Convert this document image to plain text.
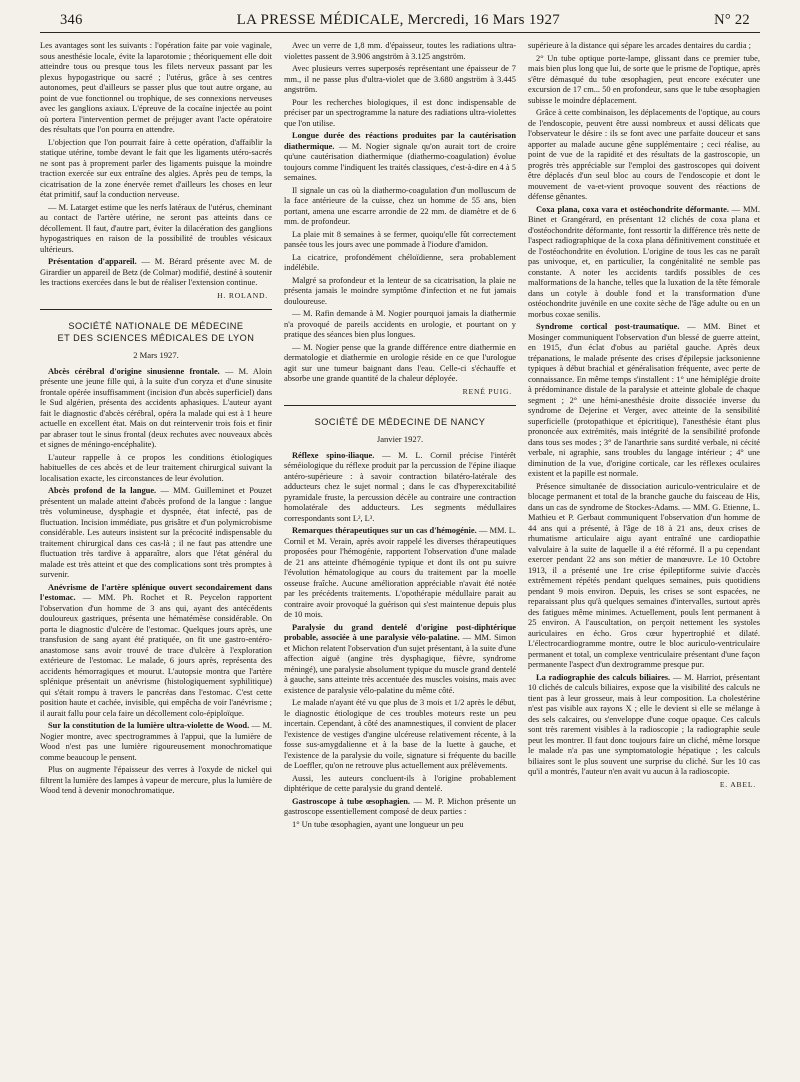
346	LA PRESSE MÉDICALE, Mercredi, 16 Mars 1927	N° 22

Les avantages sont les suivants : l'opération faite par voie vaginale, sous anesthésie locale, évite la laparotomie ; théoriquement elle doit atteindre tous ou presque tous les filets nerveux passant par les plexus hypogastrique ou sacré ; l'utérus, grâce à ses centres autonomes, peut d'ailleurs se passer plus que tout autre organe, au point de vue fonctionnel ou trophique, de ses connexions nerveuses avec les ganglions axiaux. L'épreuve de la cocaïne injectée au point où portera l'intervention permet de préjuger avant l'acte opératoire des résultats que l'on pourra en attendre.

L'objection que l'on pourrait faire à cette opération, d'affaiblir la statique utérine, tombe devant le fait que les ligaments utéro-sacrés ne sont pas à proprement parler des ligaments puisque la moindre traction exercée sur eux entraîne des algies. Après peu de temps, la cicatrisation de la zone énervée remet d'ailleurs les choses en leur état primitif, sauf la conduction nerveuse.

— M. Latarget estime que les nerfs latéraux de l'utérus, cheminant au contact de l'artère utérine, ne seront pas atteints dans ce décollement. Il faut, d'autre part, éviter la dilacération des ganglions hypogastriques en raison de la possibilité de troubles vésicaux ultérieurs.

Présentation d'appareil. — M. Bérard présente avec M. de Girardier un appareil de Betz (de Colmar) modifié, destiné à soutenir les tractions exercées dans le but de réaliser l'extension continue.

H. ROLAND.
SOCIÉTÉ NATIONALE DE MÉDECINE
ET DES SCIENCES MÉDICALES DE LYON
2 Mars 1927.

Abcès cérébral d'origine sinusienne frontale. — M. Aloin présente une jeune fille qui, à la suite d'un coryza et d'une sinusite frontale opérée insuffisamment (incision d'un abcès superficiel) dans le Sud algérien, présenta des accidents aphasiques. L'auteur ayant fait le diagnostic d'abcès cérébral, opéra la malade qui est à 1 heure actuelle en excellent état. Mais on dut reintervenir trois fois et finir par abraser tout le sinus frontal (deux rechutes avec nouveaux abcès et signes de méningo-encéphalite).

L'auteur rappelle à ce propos les conditions étiologiques habituelles de ces abcès et de leur traitement chirurgical suivant la localisation exacte, les circonstances de leur évolution.

Abcès profond de la langue. — MM. Guilleminet et Pouzet présentent un malade atteint d'abcès profond de la langue : langue très volumineuse, dysphagie et dyspnée, état infecté, pas de fluctuation. Incision immédiate, pus grisâtre et d'un polymicrobisme considérable. Les auteurs insistent sur la précocité indispensable du traitement chirurgical dans ces cas-là ; il ne faut pas attendre une fluctuation très tardive à apparaître, alors que l'état général du malade est très atteint et que des complications sont très promptes à survenir.

Anévrisme de l'artère splénique ouvert secondairement dans l'estomac. — MM. Ph. Rochet et R. Peycelon rapportent l'observation d'un homme de 3 ans qui, ayant des antécédents douloureux gastriques, présenta une hématémèse considérable. On porta le diagnostic d'ulcère de l'estomac. Quelques jours après, une transfusion de sang ayant été pratiquée, on fit une gastro-entéro-anastomose sans avoir trouvé de trace d'ulcère à l'exploration extérieure de l'estomac. Le malade, 6 jours après, représenta des accidents hémorragiques et mourut. L'autopsie montra que l'artère splénique présentait un anévrisme (histologiquement syphilitique) qui s'était rompu à travers le pancréas dans l'estomac. C'est cette position haute et cachée, invisible, qui empêcha de voir l'anévrisme ; il aurait fallu pour cela faire un décollement colo-épiploïque.

Sur la constitution de la lumière ultra-violette de Wood. — M. Nogier montre, avec spectrogrammes à l'appui, que la lumière de Wood n'est pas une lumière rigoureusement monochromatique comme beaucoup le pensent.

Plus on augmente l'épaisseur des verres à l'oxyde de nickel qui filtrent la lumière des lampes à vapeur de mercure, plus la lumière de Wood tend à devenir monochromatique.

Avec un verre de 1,8 mm. d'épaisseur, toutes les radiations ultra-violettes passent de 3.906 angström à 3.125 angström.

Avec plusieurs verres superposés représentant une épaisseur de 7 mm., il ne passe plus d'ultra-violet que de 3.680 angström à 3.445 angström.

Pour les recherches biologiques, il est donc indispensable de préciser par un spectrogramme la nature des radiations ultra-violettes que l'on utilise.

Longue durée des réactions produites par la cautérisation diathermique. — M. Nogier signale qu'on aurait tort de croire qu'une cautérisation diathermique (diathermo-coagulation) évolue toujours comme l'indiquent les traités classiques, c'est-à-dire en 4 à 5 semaines.

Il signale un cas où la diathermo-coagulation d'un molluscum de la face antérieure de la cuisse, chez un homme de 55 ans, bien portant, amena une escarre arrondie de 22 mm. de diamètre et de 6 mm. de profondeur.

La plaie mit 8 semaines à se fermer, quoiqu'elle fût correctement pansée tous les jours avec une pommade à l'iodure d'amidon.

La cicatrice, profondément chéloïdienne, sera probablement indélébile.

Malgré sa profondeur et la lenteur de sa cicatrisation, la plaie ne présenta jamais le moindre symptôme d'infection et ne fut jamais douloureuse.

— M. Rafin demande à M. Nogier pourquoi jamais la diathermie n'a provoqué de pareils accidents en urologie, et pourtant on y pratique des séances bien plus longues.

— M. Nogier pense que la grande différence entre diathermie en dermatologie et diathermie en urologie réside en ce que l'urologue agit sur une tumeur baignant dans l'eau. Celle-ci s'échauffe et absorbe une grande quantité de la chaleur déployée.

RENÉ PUIG.
SOCIÉTÉ DE MÉDECINE DE NANCY
Janvier 1927.

Réflexe spino-iliaque. — M. L. Cornil précise l'intérêt séméiologique du réflexe produit par la percussion de l'épine iliaque antéro-supérieure : à savoir contraction bilatéro-latérale des adducteurs chez le sujet normal ; dans le cas d'hyperexcitabilité pyramidale fruste, la percussion décèle au contraire une contraction homolatérale des adducteurs. Les segments médullaires correspondants sont L², L³.

Remarques thérapeutiques sur un cas d'hémogénie. — MM. L. Cornil et M. Verain, après avoir rappelé les diverses thérapeutiques proposées pour l'hémogénie, rapportent l'observation d'une malade de 21 ans atteinte d'hémogénie typique et dont ils ont pu suivre l'évolution hématologique au cours du traitement par la moelle osseuse fraîche. Aucune amélioration appréciable n'avait été notée par les précédents traitements. L'opothérapie médullaire parait au contraire avoir provoqué la guérison qui s'est maintenue depuis plus de 10 mois.

Paralysie du grand dentelé d'origine post-diphtérique probable, associée à une paralysie vélo-palatine. — MM. Simon et Michon relatent l'observation d'un sujet présentant, à la suite d'une affection aiguë (angine très dysphagique, fièvre, syndrome méningé), une paralysie absolument typique du muscle grand dentelé à gauche, sans atteinte très accentuée des muscles voisins, mais avec existence de paralysie vélo-palatine du même côté.

Le malade n'ayant été vu que plus de 3 mois et 1/2 après le début, le diagnostic étiologique de ces troubles moteurs reste un peu incertain. Cependant, à côté des anamnestiques, il convient de placer l'existence de vestiges d'angine ulcéreuse relativement récente, à la fosse sus-amygdalienne et à la base de la luette à gauche, et l'existence de la paralysie du voile, signature si fréquente du bacille de Loeffler, qu'on ne retrouve plus actuellement aux prélèvements.

Aussi, les auteurs concluent-ils à l'origine probablement diphtérique de cette paralysie du grand dentelé.

Gastroscope à tube œsophagien. — M. P. Michon présente un gastroscope essentiellement composé de deux parties :

1° Un tube œsophagien, ayant une longueur un peu

supérieure à la distance qui sépare les arcades dentaires du cardia ;

2° Un tube optique porte-lampe, glissant dans ce premier tube, mais bien plus long que lui, de sorte que le prisme de l'optique, après s'être démasqué du tube œsophagien, peut encore exécuter une excursion de 17 cm... 50 en profondeur, sans que le tube œsophagien subisse le moindre déplacement.

Grâce à cette combinaison, les déplacements de l'optique, au cours de l'endoscopie, peuvent être aussi nombreux et aussi délicats que l'observateur le désire : ils se font avec une parfaite douceur et sans apporter au malade aucune gêne supplémentaire ; ceci réalise, au point de vue de la rapidité et des résultats de la gastroscopie, un progrès très appréciable sur l'emploi des gastroscopes qui doivent être déplacés d'un seul bloc au cours de l'endoscopie et dont le mouvement de va-et-vient provoque souvent des réactions de défense gênantes.

Coxa plana, coxa vara et ostéochondrite déformante. — MM. Binet et Grangérard, en présentant 12 clichés de coxa plana et d'ostéochondrite déformante, font ressortir la différence très nette de l'aspect radiographique de la coxa plana définitivement constituée et de l'ostéochondrite en évolution. L'origine de tous les cas ne paraît pas univoque, et, en particulier, la congénitalité ne semble pas constante. A noter les accidents tardifs possibles de ces malformations de la hanche, telles que la luxation de la tête fémorale dans un cotyle à double fond et la transformation d'une ostéochondrite juvénile en une coxite sèche de l'âge adulte ou en un morbus coxae senilis.

Syndrome cortical post-traumatique. — MM. Binet et Mosinger communiquent l'observation d'un blessé de guerre atteint, en 1915, d'un éclat d'obus au pariétal gauche. Après deux trépanations, le malade présente des crises d'épilepsie jacksonienne typiques à début brachial et généralisation fréquente, avec perte de connaissance. En même temps s'installent : 1° une hémiplégie droite à prédominance distale de la paralysie et atteinte globale de chaque segment ; 2° une hémi-anesthésie droite dissociée inverse du syndrome de Dejerine et Verger, avec atteinte de la sensibilité superficielle (protopathique et épicritique), l'anesthésie étant plus prononcée aux extrémités, mais intégrité de la sensibilité profonde dans tous ses modes ; 3° de l'anarthrie sans surdité verbale, ni cécité verbale, ni agraphie, sans troubles du langage intérieur ; 4° une diminution de la vue, d'origine corticale, car les réflexes oculaires existent et la papille est normale.

Présence simultanée de dissociation auriculo-ventriculaire et de blocage permanent et total de la branche gauche du faisceau de His, dans un cas de syndrome de Stockes-Adams. — MM. G. Etienne, L. Mathieu et P. Gerbaut communiquent l'observation d'un homme de 44 ans qui a présenté, à l'âge de 18 à 21 ans, deux crises de rhumatisme articulaire aigu ayant entraîné une cardiopathie valvulaire à la suite de laquelle il a été réformé. Il a pu cependant exercer pendant 22 ans son métier de manœuvre. Le 10 Octobre 1913, il a présenté une 1re crise épileptiforme suivie d'accès extrêmement répétés pendant quelques semaines, puis quotidiens pendant 9 mois environ. Depuis, les crises se sont espacées, ne reparaissant plus qu'à quelques semaines d'intervalles, surtout après des fatigues même minimes. Actuellement, pouls lent permanent à 25 environ. A l'auscultation, on perçoit nettement les systoles auriculaires en écho. Gros cœur hypertrophié et dilaté. L'électrocardiogramme montre, outre le bloc auriculo-ventriculaire permanent et total, un complexe ventriculaire présentant d'une façon permanente l'aspect d'un dextrogramme presque pur.

La radiographie des calculs biliaires. — M. Harriot, présentant 10 clichés de calculs biliaires, expose que la visibilité des calculs ne tient pas à leur grosseur, mais à leur composition. La cholestérine n'est pas visible aux rayons X ; elle le devient si elle se mélange à des sels calcaires, ou s'enveloppe d'une coque opaque. Ces calculs sont très rarement visibles à la radioscopie ; la radiographie seule peut les montrer. Il faut donc toujours faire un cliché, même lorsque le malade n'a pas une symptomatologie hépatique ; les calculs biliaires sont le plus souvent une surprise du cliché. Sur les 10 cas qu'il a montrés, l'auteur n'en avait vu aucun à la radioscopie.

E. ABEL.
